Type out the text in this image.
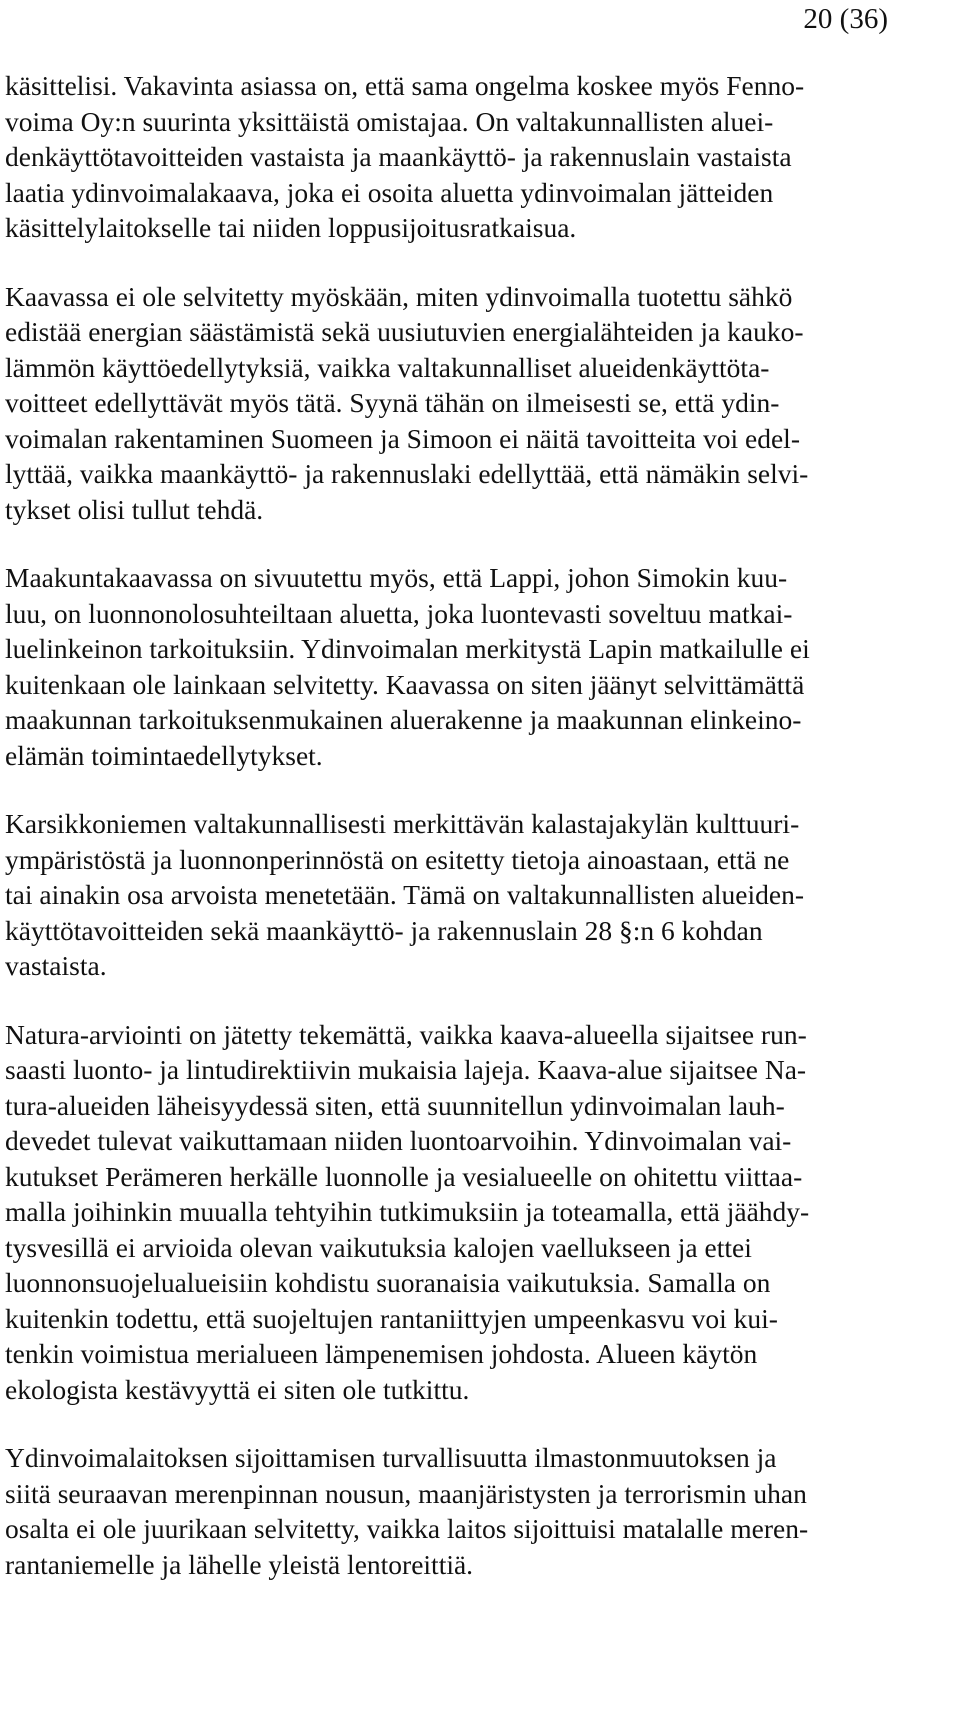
20 (36)

käsittelisi. Vakavinta asiassa on, että sama ongelma koskee myös Fenno-
voima Oy:n suurinta yksittäistä omistajaa. On valtakunnallisten aluei-
denkäyttötavoitteiden vastaista ja maankäyttö- ja rakennuslain vastaista
laatia ydinvoimalakaava, joka ei osoita aluetta ydinvoimalan jätteiden
käsittelylaitokselle tai niiden loppusijoitusratkaisua.

Kaavassa ei ole selvitetty myöskään, miten ydinvoimalla tuotettu sähkö
edistää energian säästämistä sekä uusiutuvien energialähteiden ja kauko-
lämmön käyttöedellytyksiä, vaikka valtakunnalliset alueidenkäyttöta-
voitteet edellyttävät myös tätä. Syynä tähän on ilmeisesti se, että ydin-
voimalan rakentaminen Suomeen ja Simoon ei näitä tavoitteita voi edel-
lyttää, vaikka maankäyttö- ja rakennuslaki edellyttää, että nämäkin selvi-
tykset olisi tullut tehdä.

Maakuntakaavassa on sivuutettu myös, että Lappi, johon Simokin kuu-
luu, on luonnonolosuhteiltaan aluetta, joka luontevasti soveltuu matkai-
luelinkeinon tarkoituksiin. Ydinvoimalan merkitystä Lapin matkailulle ei
kuitenkaan ole lainkaan selvitetty. Kaavassa on siten jäänyt selvittämättä
maakunnan tarkoituksenmukainen aluerakenne ja maakunnan elinkeino-
elämän toimintaedellytykset.

Karsikkoniemen valtakunnallisesti merkittävän kalastajakylän kulttuuri-
ympäristöstä ja luonnonperinnöstä on esitetty tietoja ainoastaan, että ne
tai ainakin osa arvoista menetetään. Tämä on valtakunnallisten alueiden-
käyttötavoitteiden sekä maankäyttö- ja rakennuslain 28 §:n 6 kohdan
vastaista.

Natura-arviointi on jätetty tekemättä, vaikka kaava-alueella sijaitsee run-
saasti luonto- ja lintudirektiivin mukaisia lajeja. Kaava-alue sijaitsee Na-
tura-alueiden läheisyydessä siten, että suunnitellun ydinvoimalan lauh-
devedet tulevat vaikuttamaan niiden luontoarvoihin. Ydinvoimalan vai-
kutukset Perämeren herkälle luonnolle ja vesialueelle on ohitettu viittaa-
malla joihinkin muualla tehtyihin tutkimuksiin ja toteamalla, että jäähdy-
tysvesillä ei arvioida olevan vaikutuksia kalojen vaellukseen ja ettei
luonnonsuojelualueisiin kohdistu suoranaisia vaikutuksia. Samalla on
kuitenkin todettu, että suojeltujen rantaniittyjen umpeenkasvu voi kui-
tenkin voimistua merialueen lämpenemisen johdosta. Alueen käytön
ekologista kestävyyttä ei siten ole tutkittu.

Ydinvoimalaitoksen sijoittamisen turvallisuutta ilmastonmuutoksen ja
siitä seuraavan merenpinnan nousun, maanjäristysten ja terrorismin uhan
osalta ei ole juurikaan selvitetty, vaikka laitos sijoittuisi matalalle meren-
rantaniemelle ja lähelle yleistä lentoreittiä.
